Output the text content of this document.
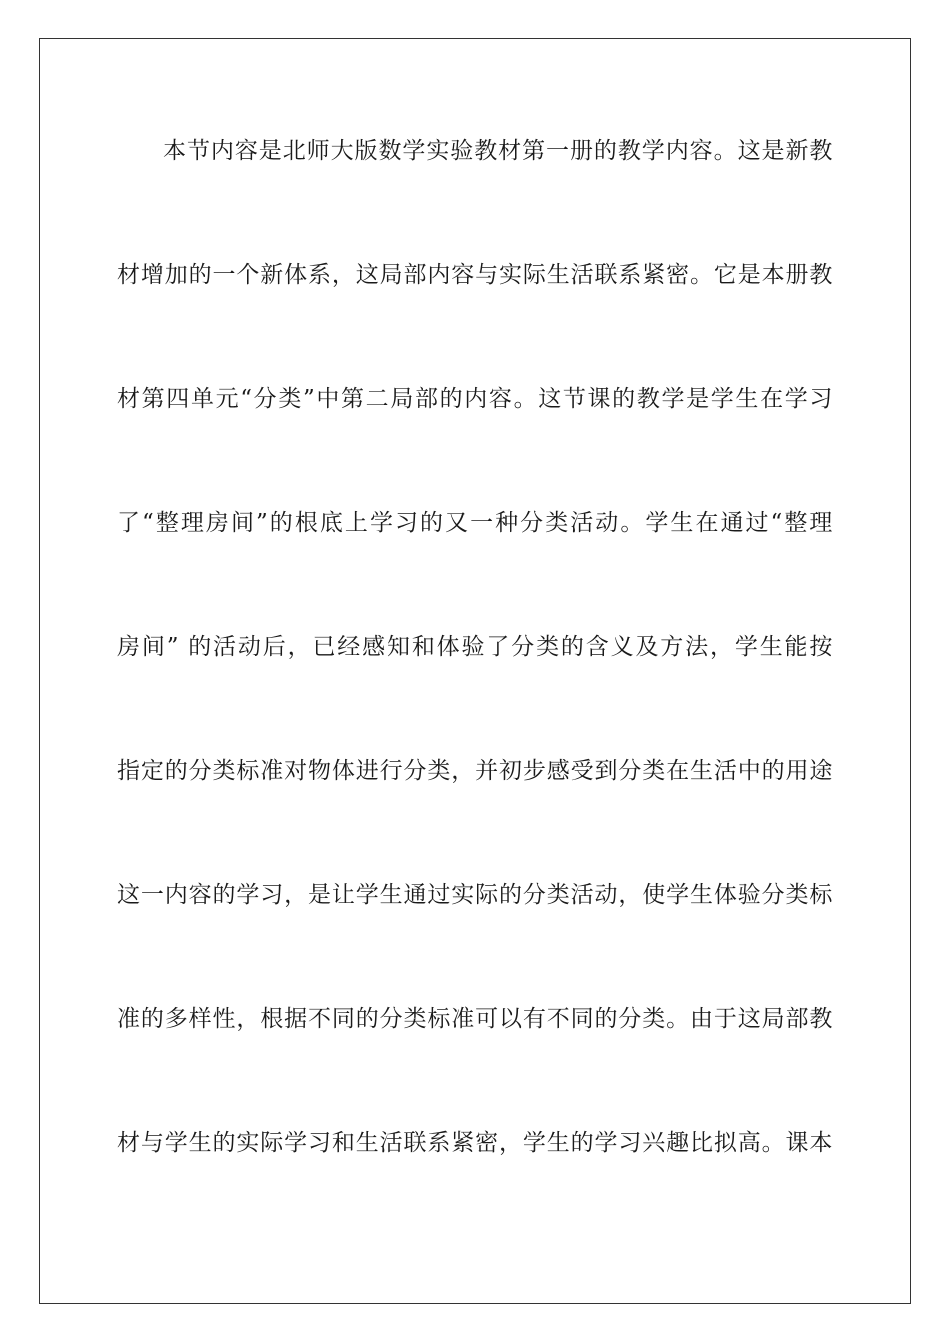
本节内容是北师大版数学实验教材第一册的教学内容。这是新教
材增加的一个新体系，这局部内容与实际生活联系紧密。它是本册教
材第四单元“分类”中第二局部的内容。这节课的教学是学生在学习
了“整理房间”的根底上学习的又一种分类活动。学生在通过“整理
房间” 的活动后，已经感知和体验了分类的含义及方法，学生能按
指定的分类标准对物体进行分类，并初步感受到分类在生活中的用途
这一内容的学习，是让学生通过实际的分类活动，使学生体验分类标
准的多样性，根据不同的分类标准可以有不同的分类。由于这局部教
材与学生的实际学习和生活联系紧密，学生的学习兴趣比拟高。课本
